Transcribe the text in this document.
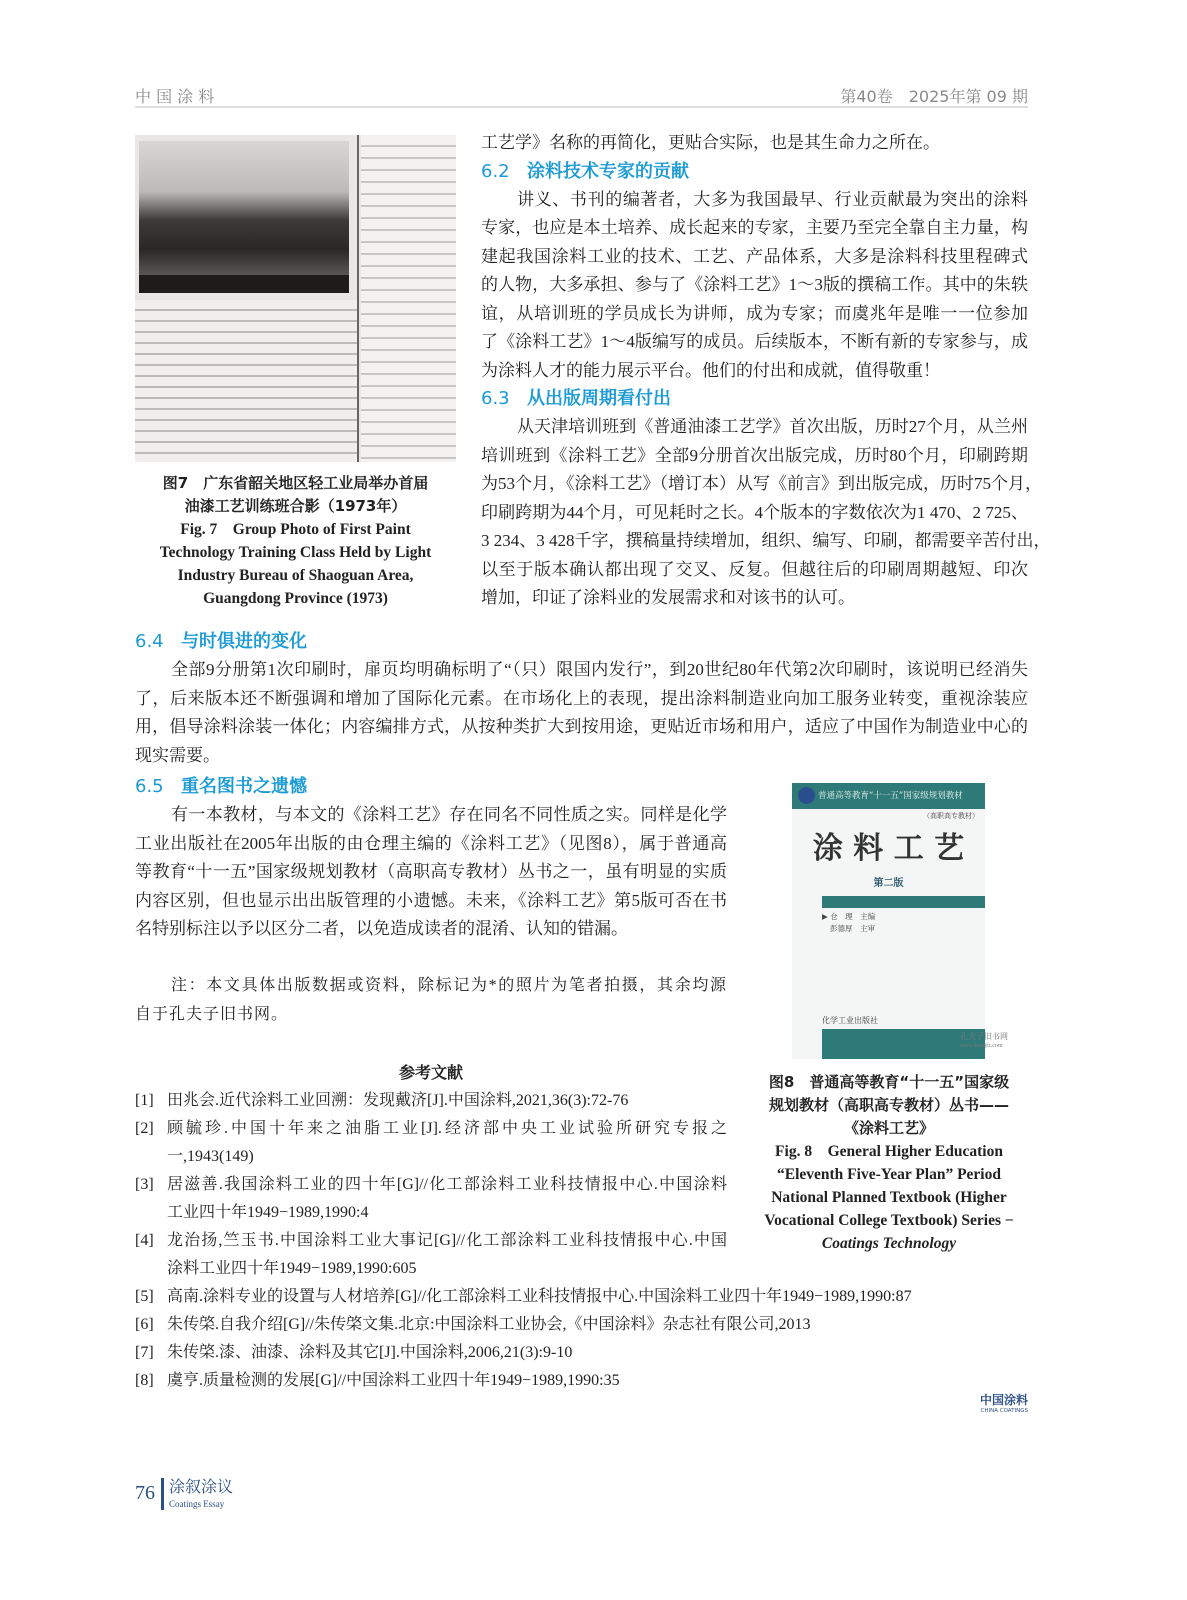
中 国 涂 料	第40卷　2025年第 09 期
图7　广东省韶关地区轻工业局举办首届
油漆工艺训练班合影（1973年）
Fig. 7　Group Photo of First Paint
Technology Training Class Held by Light
Industry Bureau of Shaoguan Area,
Guangdong Province (1973)
工艺学》名称的再简化，更贴合实际，也是其生命力之所在。
6.2 涂料技术专家的贡献
讲义、书刊的编著者，大多为我国最早、行业贡献最为突出的涂料
专家，也应是本土培养、成长起来的专家，主要乃至完全靠自主力量，构
建起我国涂料工业的技术、工艺、产品体系，大多是涂料科技里程碑式
的人物，大多承担、参与了《涂料工艺》1～3版的撰稿工作。其中的朱轶
谊，从培训班的学员成长为讲师，成为专家；而虞兆年是唯一一位参加
了《涂料工艺》1～4版编写的成员。后续版本，不断有新的专家参与，成
为涂料人才的能力展示平台。他们的付出和成就，值得敬重！
6.3 从出版周期看付出
从天津培训班到《普通油漆工艺学》首次出版，历时27个月，从兰州
培训班到《涂料工艺》全部9分册首次出版完成，历时80个月，印刷跨期
为53个月，《涂料工艺》（增订本）从写《前言》到出版完成，历时75个月，
印刷跨期为44个月，可见耗时之长。4个版本的字数依次为1 470、2 725、
3 234、3 428千字，撰稿量持续增加，组织、编写、印刷，都需要辛苦付出，
以至于版本确认都出现了交叉、反复。但越往后的印刷周期越短、印次
增加，印证了涂料业的发展需求和对该书的认可。
6.4 与时俱进的变化
全部9分册第1次印刷时，扉页均明确标明了“（只）限国内发行”，到20世纪80年代第2次印刷时，该说明已经消失
了，后来版本还不断强调和增加了国际化元素。在市场化上的表现，提出涂料制造业向加工服务业转变，重视涂装应
用，倡导涂料涂装一体化；内容编排方式，从按种类扩大到按用途，更贴近市场和用户，适应了中国作为制造业中心的
现实需要。
6.5 重名图书之遗憾
有一本教材，与本文的《涂料工艺》存在同名不同性质之实。同样是化学
工业出版社在2005年出版的由仓理主编的《涂料工艺》（见图8），属于普通高
等教育“十一五”国家级规划教材（高职高专教材）丛书之一，虽有明显的实质
内容区别，但也显示出出版管理的小遗憾。未来，《涂料工艺》第5版可否在书
名特别标注以予以区分二者，以免造成读者的混淆、认知的错漏。
注：本文具体出版数据或资料，除标记为*的照片为笔者拍摄，其余均源
自于孔夫子旧书网。
参考文献
[1] 田兆会.近代涂料工业回溯：发现戴济[J].中国涂料,2021,36(3):72-76
[2] 顾毓珍.中国十年来之油脂工业[J].经济部中央工业试验所研究专报之
一,1943(149)
[3] 居滋善.我国涂料工业的四十年[G]//化工部涂料工业科技情报中心.中国涂料
工业四十年1949−1989,1990:4
[4] 龙治扬,竺玉书.中国涂料工业大事记[G]//化工部涂料工业科技情报中心.中国
涂料工业四十年1949−1989,1990:605
[5] 高南.涂料专业的设置与人材培养[G]//化工部涂料工业科技情报中心.中国涂料工业四十年1949−1989,1990:87
[6] 朱传棨.自我介绍[G]//朱传棨文集.北京:中国涂料工业协会,《中国涂料》杂志社有限公司,2013
[7] 朱传棨.漆、油漆、涂料及其它[J].中国涂料,2006,21(3):9-10
[8] 虞亨.质量检测的发展[G]//中国涂料工业四十年1949−1989,1990:35
普通高等教育“十一五”国家级规划教材
（高职高专教材）
涂 料 工 艺
第二版
▶ 仓　理　主编
彭德厚　主审
化学工业出版社
孔夫子旧书网
www.kongfz.com
图8　普通高等教育“十一五”国家级
规划教材（高职高专教材）丛书——
《涂料工艺》
Fig. 8　General Higher Education
“Eleventh Five-Year Plan” Period
National Planned Textbook (Higher
Vocational College Textbook) Series −
Coatings Technology
中国涂料
CHINA COATINGS
76 涂叙涂议
Coatings Essay
